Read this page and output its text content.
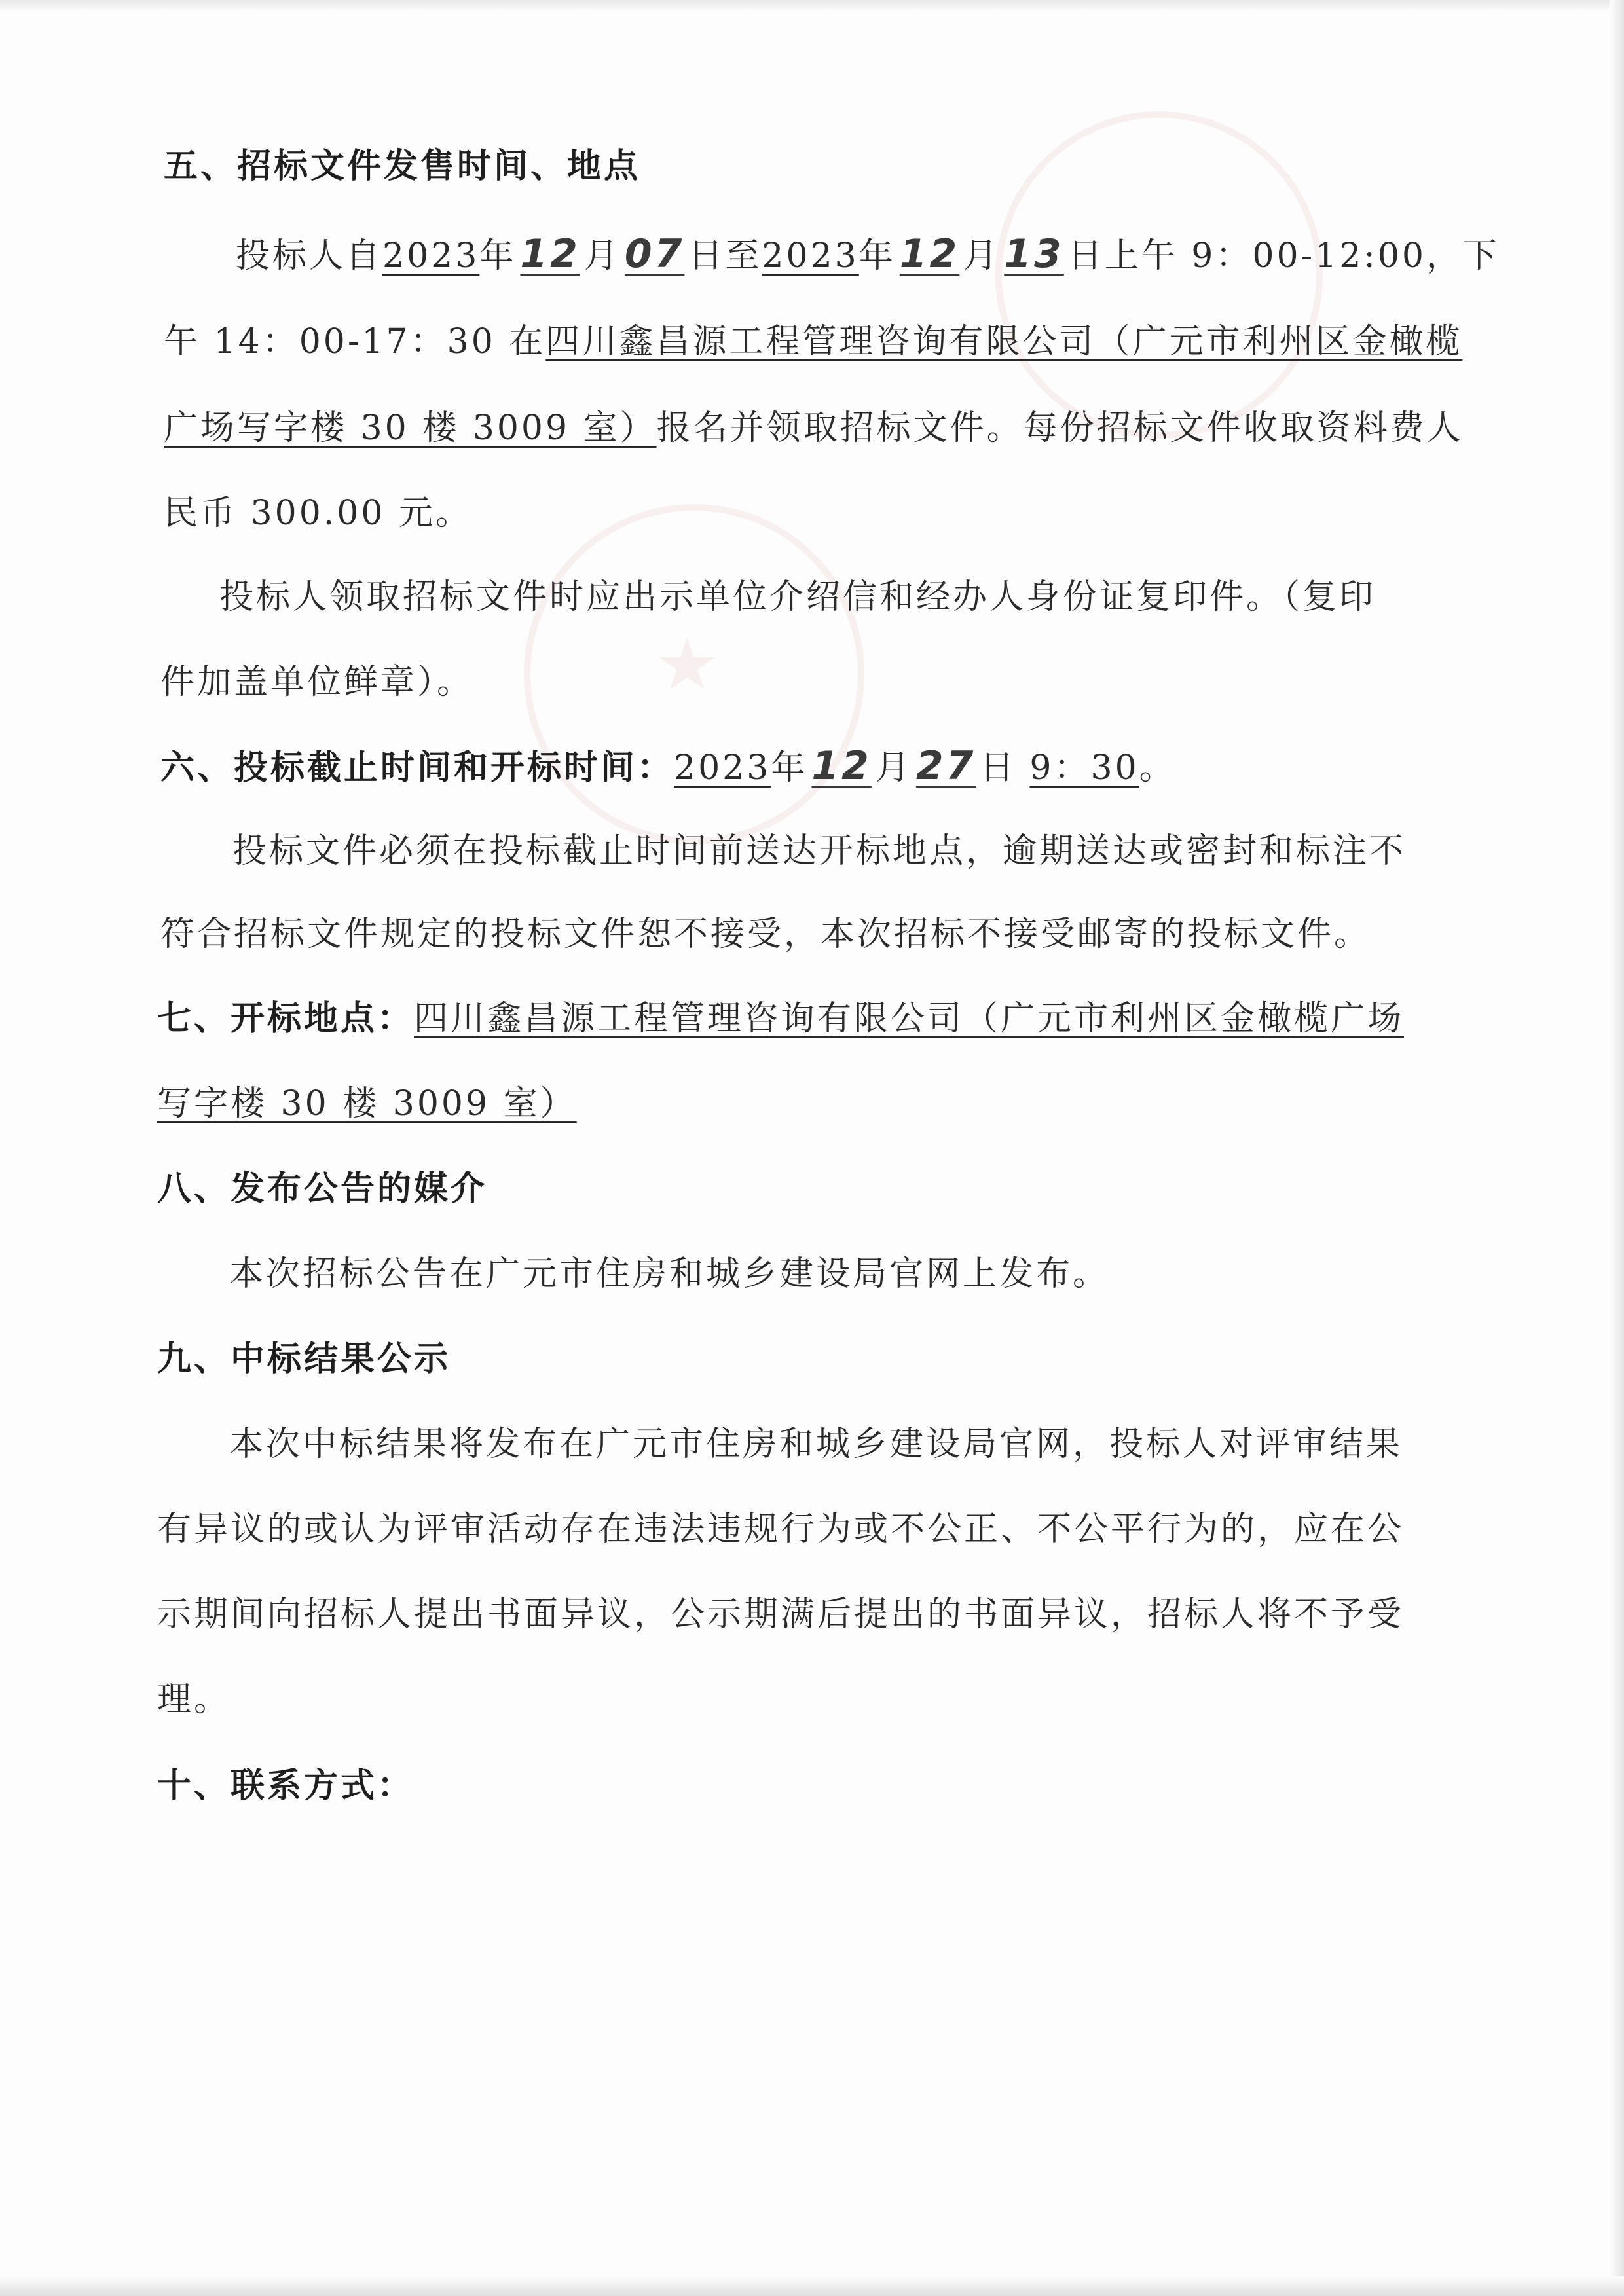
★
五、招标文件发售时间、地点
投标人自2023年 12 月 07 日至2023年 12 月 13 日上午 9：00-12:00，下
午 14：00-17：30 在四川鑫昌源工程管理咨询有限公司（广元市利州区金橄榄
广场写字楼 30 楼 3009 室）报名并领取招标文件。每份招标文件收取资料费人
民币 300.00 元。
投标人领取招标文件时应出示单位介绍信和经办人身份证复印件。（复印
件加盖单位鲜章）。
六、投标截止时间和开标时间：2023年 12 月 27 日 9：30。
投标文件必须在投标截止时间前送达开标地点，逾期送达或密封和标注不
符合招标文件规定的投标文件恕不接受，本次招标不接受邮寄的投标文件。
七、开标地点：四川鑫昌源工程管理咨询有限公司（广元市利州区金橄榄广场
写字楼 30 楼 3009 室）
八、发布公告的媒介
本次招标公告在广元市住房和城乡建设局官网上发布。
九、中标结果公示
本次中标结果将发布在广元市住房和城乡建设局官网，投标人对评审结果
有异议的或认为评审活动存在违法违规行为或不公正、不公平行为的，应在公
示期间向招标人提出书面异议，公示期满后提出的书面异议，招标人将不予受
理。
十、联系方式：
